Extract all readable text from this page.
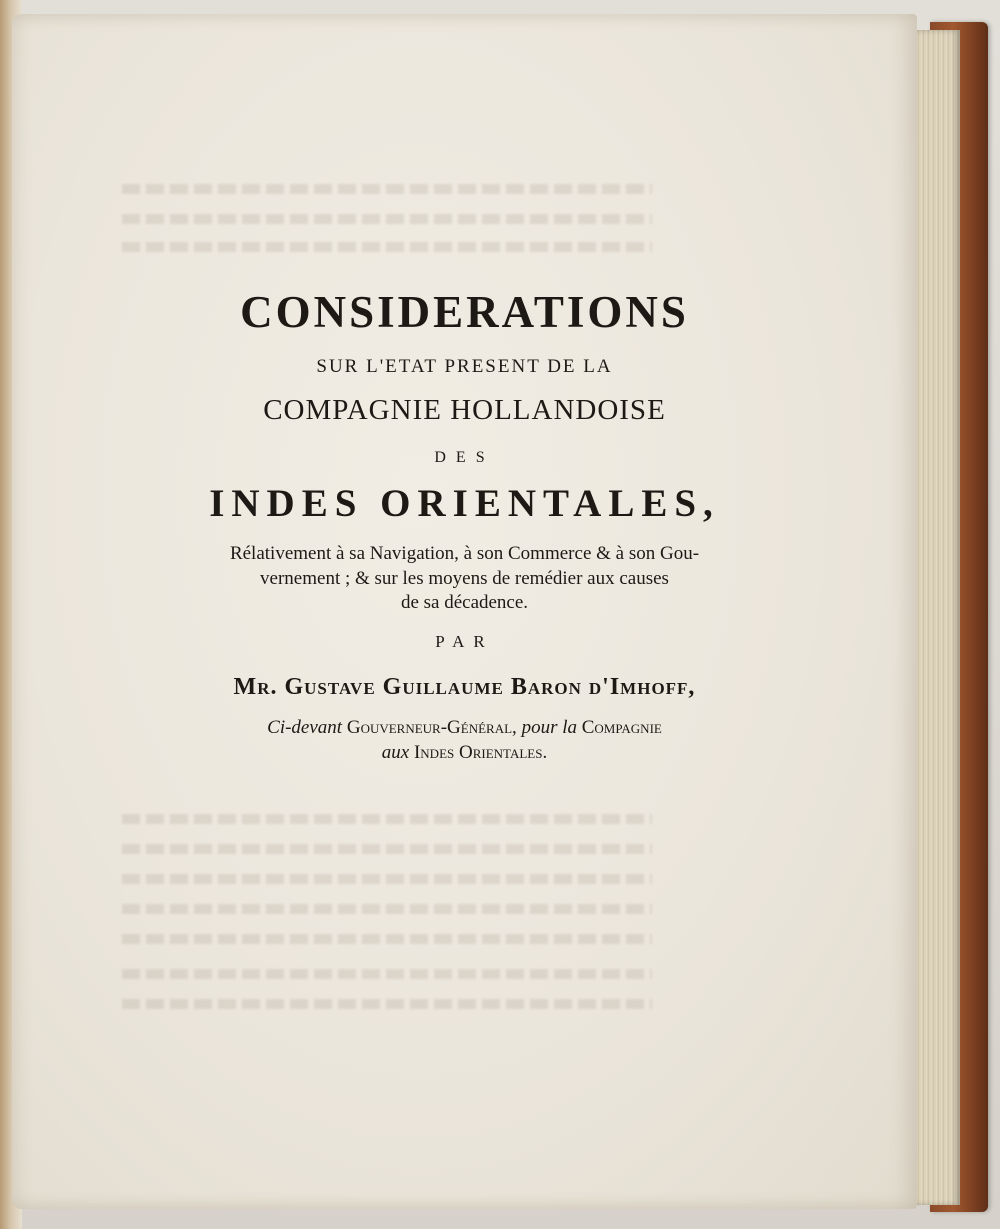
CONSIDERATIONS
SUR L'ETAT PRESENT DE LA
COMPAGNIE HOLLANDOISE
DES
INDES ORIENTALES,
Rélativement à sa Navigation, à son Commerce & à son Gou-
vernement ; & sur les moyens de remédier aux causes
de sa décadence.
PAR
Mr. Gustave Guillaume Baron d'Imhoff,
Ci-devant Gouverneur-Général, pour la Compagnie
aux Indes Orientales.
